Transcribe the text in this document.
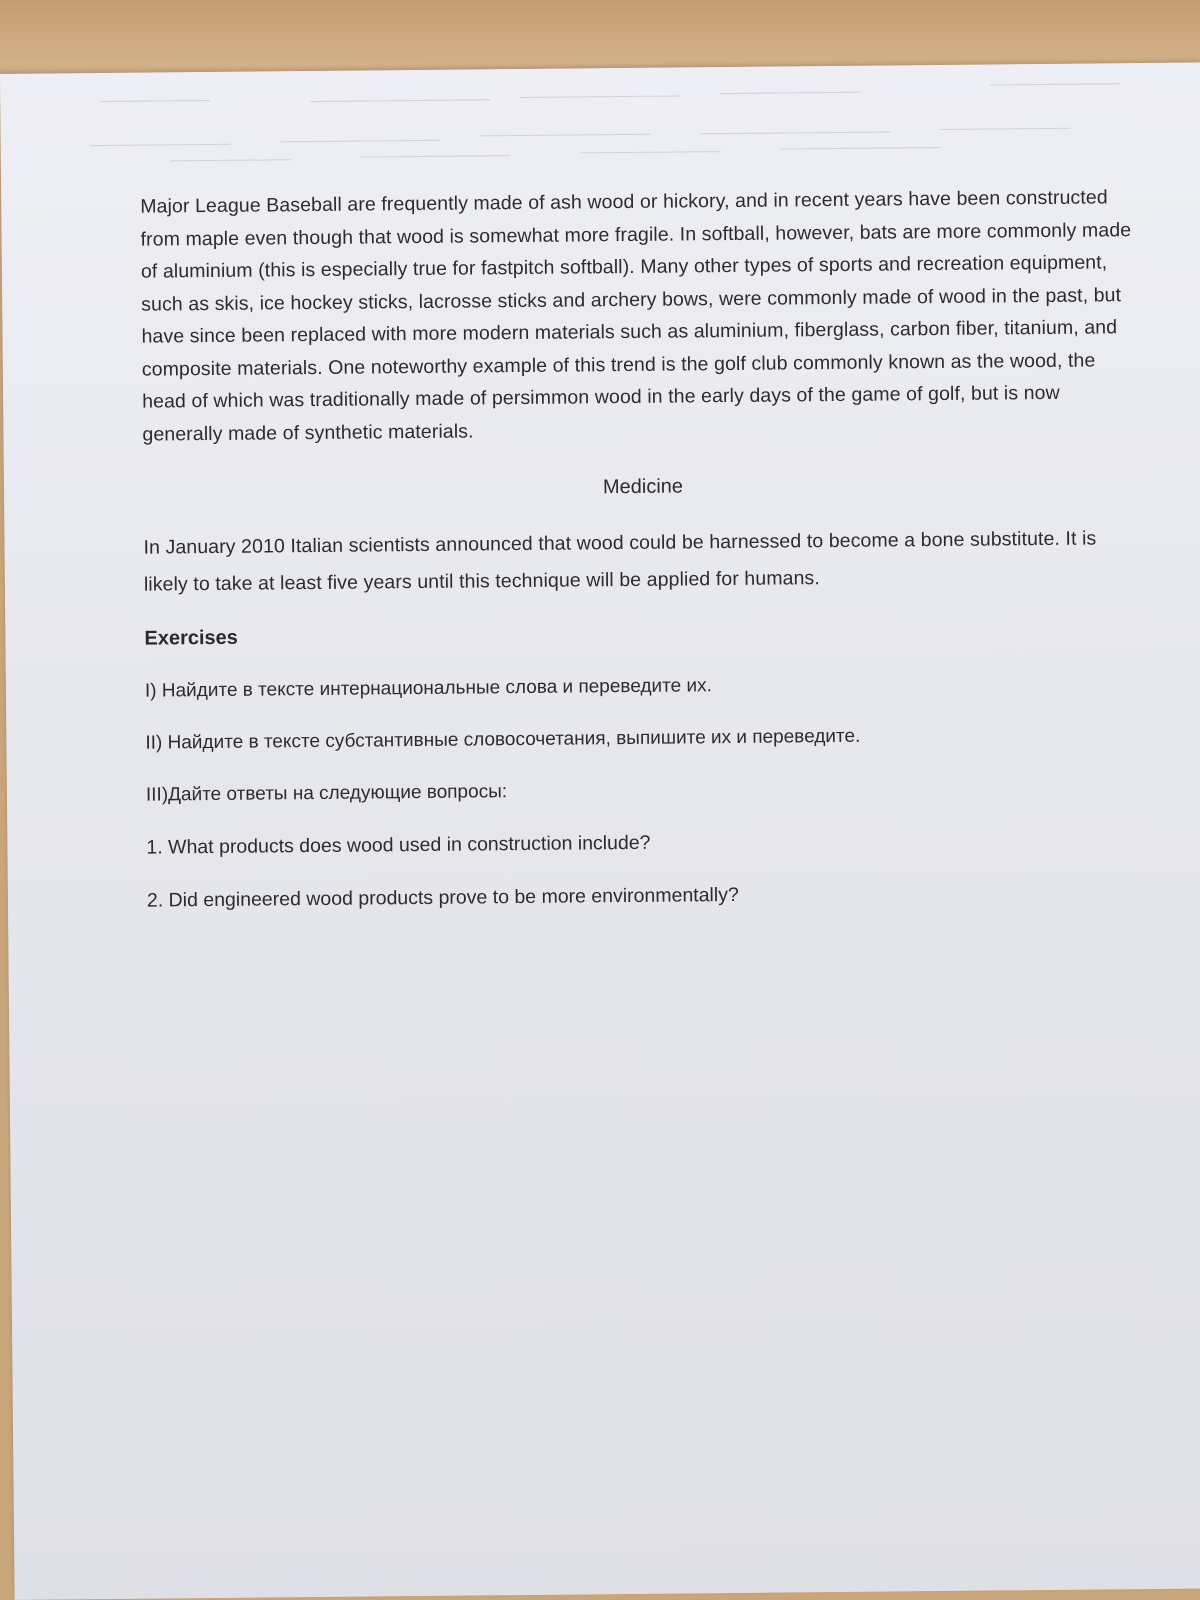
Major League Baseball are frequently made of ash wood or hickory, and in recent years have been constructed from maple even though that wood is somewhat more fragile. In softball, however, bats are more commonly made of aluminium (this is especially true for fastpitch softball). Many other types of sports and recreation equipment, such as skis, ice hockey sticks, lacrosse sticks and archery bows, were commonly made of wood in the past, but have since been replaced with more modern materials such as aluminium, fiberglass, carbon fiber, titanium, and composite materials. One noteworthy example of this trend is the golf club commonly known as the wood, the head of which was traditionally made of persimmon wood in the early days of the game of golf, but is now generally made of synthetic materials.

Medicine

In January 2010 Italian scientists announced that wood could be harnessed to become a bone substitute. It is likely to take at least five years until this technique will be applied for humans.

Exercises
I) Найдите в тексте интернациональные слова и переведите их.
II) Найдите в тексте субстантивные словосочетания, выпишите их и переведите.
III)Дайте ответы на следующие вопросы:
1. What products does wood used in construction include?
2. Did engineered wood products prove to be more environmentally?
